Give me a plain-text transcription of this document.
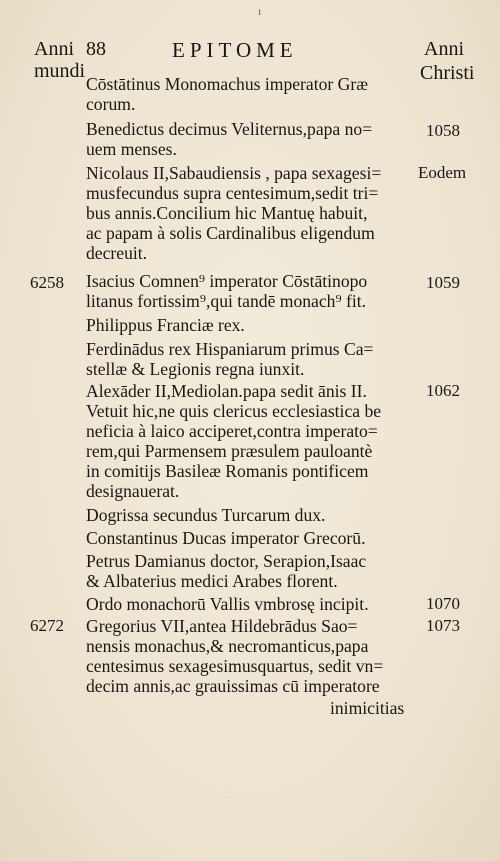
ı
Anni
mundi
88	EPITOME	Anni
Christi
Cōstātinus Monomachus imperator Græ
corum.
Benedictus decimus Veliternus,papa no=
uem menses.
Nicolaus II,Sabaudiensis , papa sexagesi=
musfecundus supra centesimum,sedit tri=
bus annis.Concilium hic Mantuę habuit,
ac papam à solis Cardinalibus eligendum
decreuit.
Isacius Comnen⁹ imperator Cōstātinopo
litanus fortissim⁹,qui tandē monach⁹ fit.
Philippus Franciæ rex.
Ferdinādus rex Hispaniarum primus Ca=
stellæ & Legionis regna iunxit.
Alexāder II,Mediolan.papa sedit ānis II.
Vetuit hic,ne quis clericus ecclesiastica be
neficia à laico acciperet,contra imperato=
rem,qui Parmensem præsulem pauloantè
in comitijs Basileæ Romanis pontificem
designauerat.
Dogrissa secundus Turcarum dux.
Constantinus Ducas imperator Grecorū.
Petrus Damianus doctor, Serapion,Isaac
& Albaterius medici Arabes florent.
Ordo monachorū Vallis vmbrosę incipit.
Gregorius VII,antea Hildebrādus Sao=
nensis monachus,& necromanticus,papa
centesimus sexagesimusquartus, sedit vn=
decim annis,ac grauissimas cū imperatore
inimicitias
6258
6272
1058
Eodem
1059
1062
1070
1073
´
